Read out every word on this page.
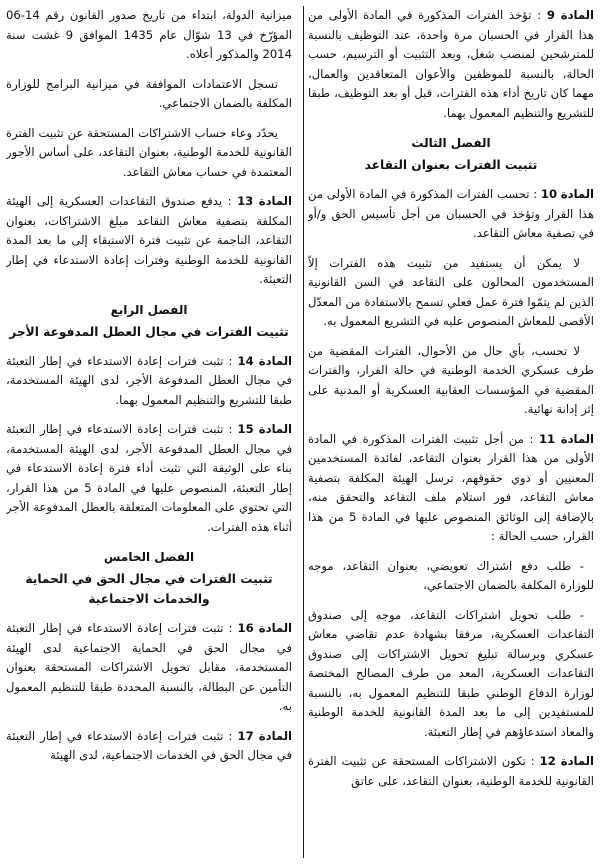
المادة 9 : تؤخذ الفترات المذكورة في المادة الأولى من هذا القرار في الحسبان مرة واحدة، عند التوظيف بالنسبة للمترشحين لمنصب شغل، وبعد التثبيت أو الترسيم، حسب الحالة، بالنسبة للموظفين والأعوان المتعاقدين والعمال، مهما كان تاريخ أداء هذه الفترات، قبل أو بعد التوظيف، طبقا للتشريع والتنظيم المعمول بهما.

الفصل الثالث
تثبيت الفترات بعنوان التقاعد

المادة 10 : تحسب الفترات المذكورة في المادة الأولى من هذا القرار وتؤخذ في الحسبان من أجل تأسيس الحق و/أو في تصفية معاش التقاعد.

لا يمكن أن يستفيد من تثبيت هذه الفترات إلاّ المستخدمون المحالون على التقاعد في السن القانونية الذين لم يتمّوا فترة عمل فعلي تسمح بالاستفادة من المعدّل الأقصى للمعاش المنصوص عليه في التشريع المعمول به.

لا تحسب، بأي حال من الأحوال، الفترات المقضية من طرف عسكري الخدمة الوطنية في حالة الفرار، والفترات المقضية في المؤسسات العقابية العسكرية أو المدنية على إثر إدانة نهائية.

المادة 11 : من أجل تثبيت الفترات المذكورة في المادة الأولى من هذا القرار بعنوان التقاعد، لفائدة المستخدمين المعنيين أو ذوي حقوقهم، ترسل الهيئة المكلفة بتصفية معاش التقاعد، فور استلام ملف التقاعد والتحقق منه، بالإضافة إلى الوثائق المنصوص عليها في المادة 5 من هذا القرار، حسب الحالة :

- طلب دفع اشتراك تعويضي، بعنوان التقاعد، موجه للوزارة المكلفة بالضمان الاجتماعي،

- طلب تحويل اشتراكات التقاعد، موجه إلى صندوق التقاعدات العسكرية، مرفقا بشهادة عدم تقاضي معاش عسكري وبرسالة تبليغ تحويل الاشتراكات إلى صندوق التقاعدات العسكرية، المعد من طرف المصالح المختصة لوزارة الدفاع الوطني طبقا للتنظيم المعمول به، بالنسبة للمستفيدين إلى ما بعد المدة القانونية للخدمة الوطنية والمعاد استدعاؤهم في إطار التعبئة.

المادة 12 : تكون الاشتراكات المستحقة عن تثبيت الفترة القانونية للخدمة الوطنية، بعنوان التقاعد، على عاتق

ميزانية الدولة، ابتداء من تاريخ صدور القانون رقم 14-06 المؤرّخ في 13 شوّال عام 1435 الموافق 9 غشت سنة 2014 والمذكور أعلاه.

تسجل الاعتمادات الموافقة في ميزانية البرامج للوزارة المكلفة بالضمان الاجتماعي.

يحدّد وعاء حساب الاشتراكات المستحقة عن تثبيت الفترة القانونية للخدمة الوطنية، بعنوان التقاعد، على أساس الأجور المعتمدة في حساب معاش التقاعد.

المادة 13 : يدفع صندوق التقاعدات العسكرية إلى الهيئة المكلفة بتصفية معاش التقاعد مبلغ الاشتراكات، بعنوان التقاعد، الناجمة عن تثبيت فترة الاستبقاء إلى ما بعد المدة القانونية للخدمة الوطنية وفترات إعادة الاستدعاء في إطار التعبئة.

الفصل الرابع
تثبيت الفترات في مجال العطل المدفوعة الأجر

المادة 14 : تثبت فترات إعادة الاستدعاء في إطار التعبئة في مجال العطل المدفوعة الأجر، لدى الهيئة المستخدمة، طبقا للتشريع والتنظيم المعمول بهما.

المادة 15 : تثبت فترات إعادة الاستدعاء في إطار التعبئة في مجال العطل المدفوعة الأجر، لدى الهيئة المستخدمة، بناء على الوثيقة التي تثبت أداء فترة إعادة الاستدعاء في إطار التعبئة، المنصوص عليها في المادة 5 من هذا القرار، التي تحتوي على المعلومات المتعلقة بالعطل المدفوعة الأجر أثناء هذه الفترات.

الفصل الخامس
تثبيت الفترات في مجال الحق في الحماية والخدمات الاجتماعية

المادة 16 : تثبت فترات إعادة الاستدعاء في إطار التعبئة في مجال الحق في الحماية الاجتماعية لدى الهيئة المستخدمة، مقابل تحويل الاشتراكات المستحقة بعنوان التأمين عن البطالة، بالنسبة المحددة طبقا للتنظيم المعمول به.

المادة 17 : تثبت فترات إعادة الاستدعاء في إطار التعبئة في مجال الحق في الخدمات الاجتماعية، لدى الهيئة
